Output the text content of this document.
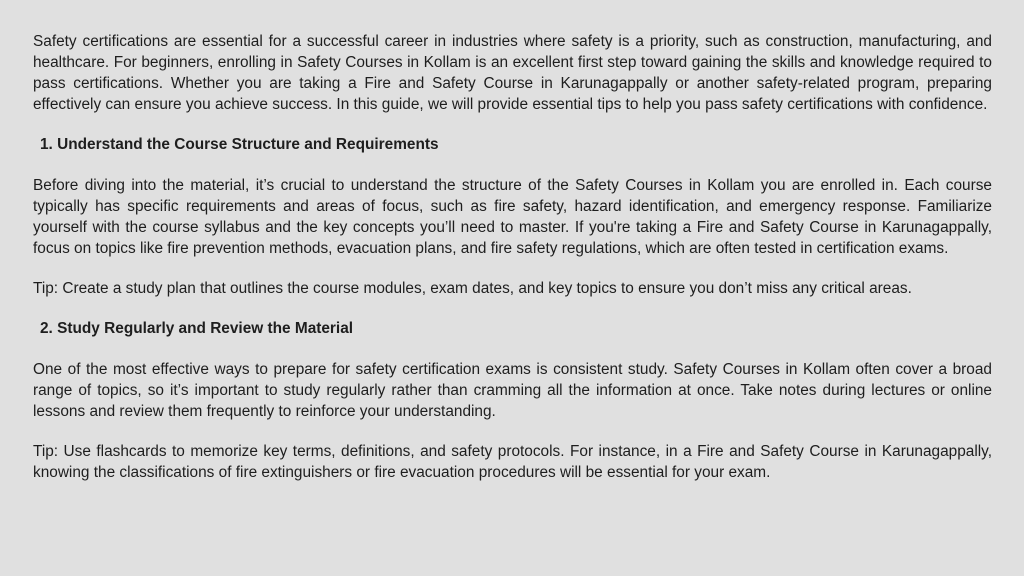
Safety certifications are essential for a successful career in industries where safety is a priority, such as construction, manufacturing, and healthcare. For beginners, enrolling in Safety Courses in Kollam is an excellent first step toward gaining the skills and knowledge required to pass certifications. Whether you are taking a Fire and Safety Course in Karunagappally or another safety-related program, preparing effectively can ensure you achieve success. In this guide, we will provide essential tips to help you pass safety certifications with confidence.

1. Understand the Course Structure and Requirements

Before diving into the material, it’s crucial to understand the structure of the Safety Courses in Kollam you are enrolled in. Each course typically has specific requirements and areas of focus, such as fire safety, hazard identification, and emergency response. Familiarize yourself with the course syllabus and the key concepts you’ll need to master. If you're taking a Fire and Safety Course in Karunagappally, focus on topics like fire prevention methods, evacuation plans, and fire safety regulations, which are often tested in certification exams.

Tip: Create a study plan that outlines the course modules, exam dates, and key topics to ensure you don’t miss any critical areas.

2. Study Regularly and Review the Material

One of the most effective ways to prepare for safety certification exams is consistent study. Safety Courses in Kollam often cover a broad range of topics, so it’s important to study regularly rather than cramming all the information at once. Take notes during lectures or online lessons and review them frequently to reinforce your understanding.

Tip: Use flashcards to memorize key terms, definitions, and safety protocols. For instance, in a Fire and Safety Course in Karunagappally, knowing the classifications of fire extinguishers or fire evacuation procedures will be essential for your exam.
